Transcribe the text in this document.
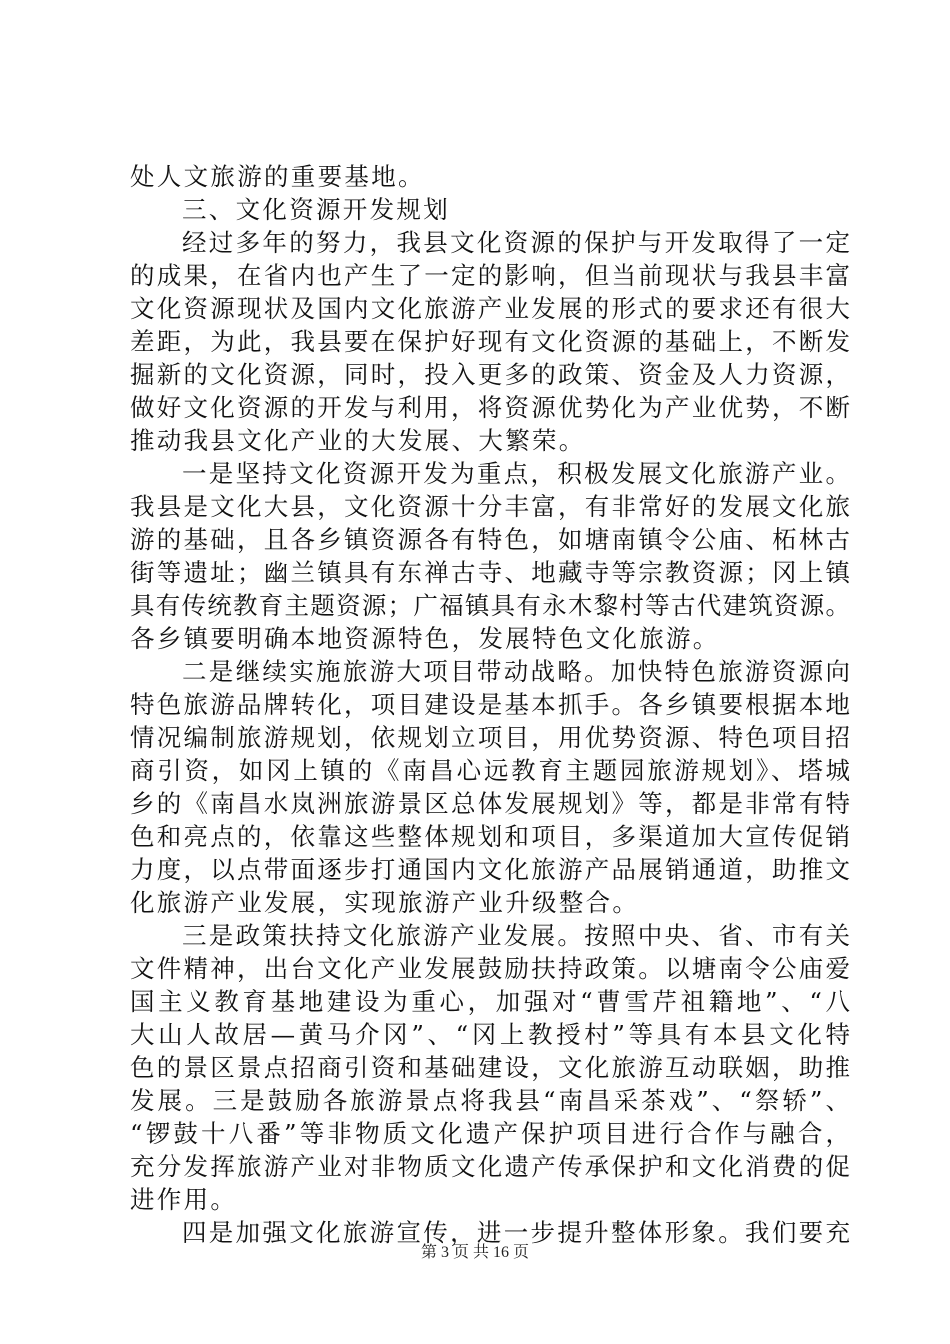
处人文旅游的重要基地。
三、文化资源开发规划
经过多年的努力，我县文化资源的保护与开发取得了一定
的成果，在省内也产生了一定的影响，但当前现状与我县丰富
文化资源现状及国内文化旅游产业发展的形式的要求还有很大
差距，为此，我县要在保护好现有文化资源的基础上，不断发
掘新的文化资源，同时，投入更多的政策、资金及人力资源，
做好文化资源的开发与利用，将资源优势化为产业优势，不断
推动我县文化产业的大发展、大繁荣。
一是坚持文化资源开发为重点，积极发展文化旅游产业。
我县是文化大县，文化资源十分丰富，有非常好的发展文化旅
游的基础，且各乡镇资源各有特色，如塘南镇令公庙、柘林古
街等遗址；幽兰镇具有东禅古寺、地藏寺等宗教资源；冈上镇
具有传统教育主题资源；广福镇具有永木黎村等古代建筑资源。
各乡镇要明确本地资源特色，发展特色文化旅游。
二是继续实施旅游大项目带动战略。加快特色旅游资源向
特色旅游品牌转化，项目建设是基本抓手。各乡镇要根据本地
情况编制旅游规划，依规划立项目，用优势资源、特色项目招
商引资，如冈上镇的《南昌心远教育主题园旅游规划》、塔城
乡的《南昌水岚洲旅游景区总体发展规划》等，都是非常有特
色和亮点的，依靠这些整体规划和项目，多渠道加大宣传促销
力度，以点带面逐步打通国内文化旅游产品展销通道，助推文
化旅游产业发展，实现旅游产业升级整合。
三是政策扶持文化旅游产业发展。按照中央、省、市有关
文件精神，出台文化产业发展鼓励扶持政策。以塘南令公庙爱
国主义教育基地建设为重心，加强对“曹雪芹祖籍地”、“八
大山人故居—黄马介冈”、“冈上教授村”等具有本县文化特
色的景区景点招商引资和基础建设，文化旅游互动联姻，助推
发展。三是鼓励各旅游景点将我县“南昌采茶戏”、“祭轿”、
“锣鼓十八番”等非物质文化遗产保护项目进行合作与融合，
充分发挥旅游产业对非物质文化遗产传承保护和文化消费的促
进作用。
四是加强文化旅游宣传，进一步提升整体形象。我们要充
第 3 页 共 16 页
